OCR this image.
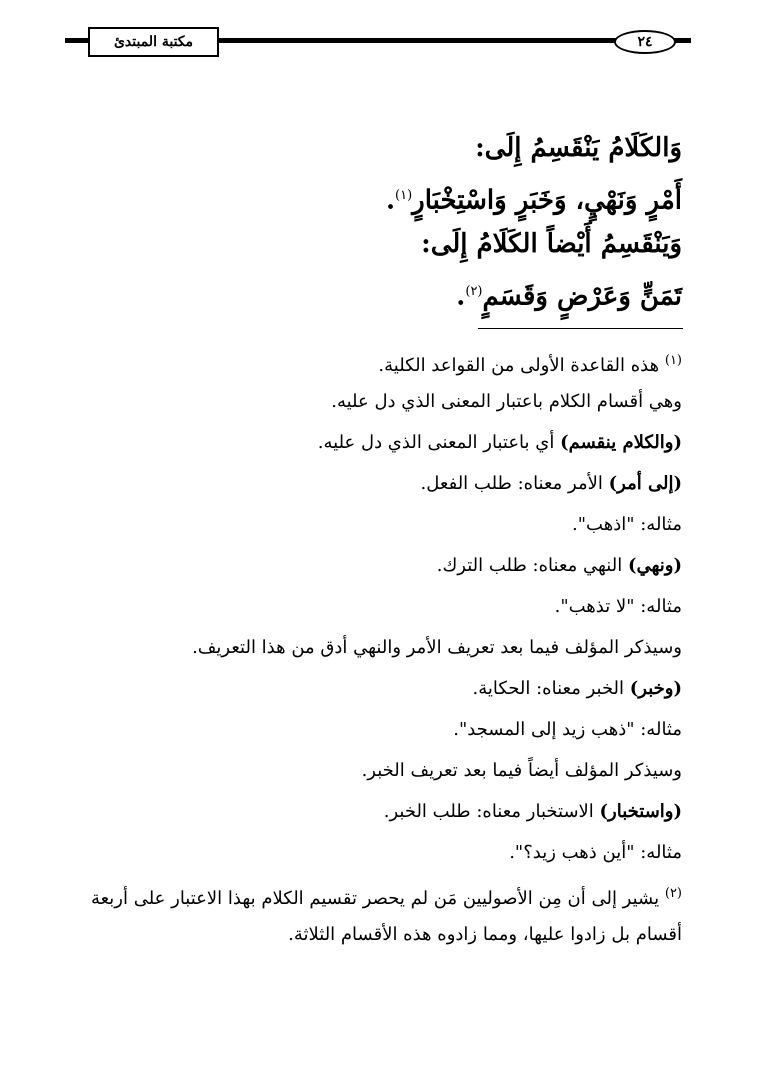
مكتبة المبتدئ	٢٤
وَالكَلَامُ يَنْقَسِمُ إِلَى:
أَمْرٍ وَنَهْيٍ، وَخَبَرٍ وَاسْتِخْبَارٍ$^{(١)}$.
وَيَنْقَسِمُ أَيْضاً الكَلَامُ إِلَى:
تَمَنٍّ وَعَرْضٍ وَقَسَمٍ$^{(٢)}$.
$^{(١)}$ هذه القاعدة الأولى من القواعد الكلية.
وهي أقسام الكلام باعتبار المعنى الذي دل عليه.
(والكلام ينقسم) أي باعتبار المعنى الذي دل عليه.
(إلى أمر) الأمر معناه: طلب الفعل.
مثاله: "اذهب".
(ونهي) النهي معناه: طلب الترك.
مثاله: "لا تذهب".
وسيذكر المؤلف فيما بعد تعريف الأمر والنهي أدق من هذا التعريف.
(وخبر) الخبر معناه: الحكاية.
مثاله: "ذهب زيد إلى المسجد".
وسيذكر المؤلف أيضاً فيما بعد تعريف الخبر.
(واستخبار) الاستخبار معناه: طلب الخبر.
مثاله: "أين ذهب زيد؟".
$^{(٢)}$ يشير إلى أن مِن الأصوليين مَن لم يحصر تقسيم الكلام بهذا الاعتبار على أربعة
أقسام بل زادوا عليها، ومما زادوه هذه الأقسام الثلاثة.
